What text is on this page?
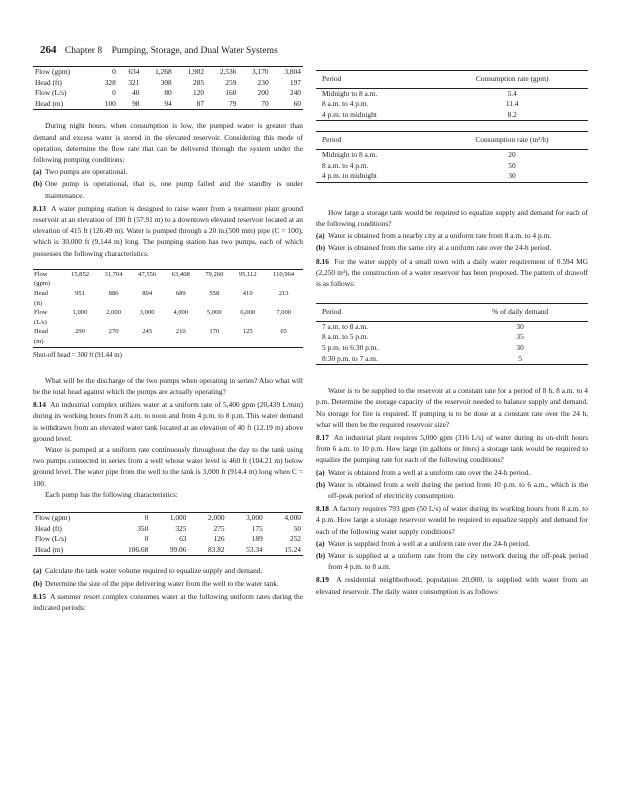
264 Chapter 8 Pumping, Storage, and Dual Water Systems
Flow (gpm)	0	634	1,268	1,902	2,536	3,170	3,804
Head (ft)	328	321	308	285	259	230	197
Flow (L/s)	0	40	80	120	160	200	240
Head (m)	100	98	94	87	79	70	60

During night hours, when consumption is low, the pumped water is greater than demand and excess water is stored in the elevated reservoir. Considering this mode of operation, determine the flow rate that can be delivered through the system under the following pumping conditions:

(a) Two pumps are operational.
(b) One pump is operational, that is, one pump failed and the standby is under maintenance.

8.13 A water pumping station is designed to raise water from a treatment plant ground reservoir at an elevation of 190 ft (57.91 m) to a downtown elevated reservoir located at an elevation of 415 ft (126.49 m). Water is pumped through a 20 in.(500 mm) pipe (C = 100), which is 30,000 ft (9,144 m) long. The pumping station has two pumps, each of which possesses the following characteristics:

Flow	15,852	31,704	47,556	63,408	79,260	95,112	110,964
(gpm)							
Head	951	886	804	689	558	410	213
(ft)							
Flow	1,000	2,000	3,000	4,000	5,000	6,000	7,000
(L/s)							
Head	290	270	245	210	170	125	65
(m)							
Shut-off head = 300 ft (91.44 m)

What will be the discharge of the two pumps when operating in series? Also what will be the total head against which the pumps are actually operating?

8.14 An industrial complex utilizes water at a uniform rate of 5,400 gpm (20,439 L/min) during its working hours from 8 a.m. to noon and from 4 p.m. to 8 p.m. This water demand is withdrawn from an elevated water tank located at an elevation of 40 ft (12.19 m) above ground level.

Water is pumped at a uniform rate continuously throughout the day to the tank using two pumps connected in series from a well whose water level is 460 ft (104.21 m) below ground level. The water pipe from the well to the tank is 3,000 ft (914.4 m) long when C = 100.

Each pump has the following characteristics:

Flow (gpm)	0	1,000	2,000	3,000	4,000
Head (ft)	350	325	275	175	50
Flow (L/s)	0	63	126	189	252
Head (m)	106.68	99.06	83.82	53.34	15.24
(a) Calculate the tank water volume required to equalize supply and demand.
(b) Determine the size of the pipe delivering water from the well to the water tank.

8.15 A summer resort complex consumes water at the following uniform rates during the indicated periods:

Period	Consumption rate (gpm)
Midnight to 8 a.m.	5.4
8 a.m. to 4 p.m.	11.4
4 p.m. to midnight	8.2
Period	Consumption rate (m³/h)
Midnight to 8 a.m.	20
8 a.m. to 4 p.m.	50
4 p.m. to midnight	30

How large a storage tank would be required to equalize supply and demand for each of the following conditions?

(a) Water is obtained from a nearby city at a uniform rate from 8 a.m. to 4 p.m.
(b) Water is obtained from the same city at a uniform rate over the 24-h period.

8.16 For the water supply of a small town with a daily water requirement of 0.594 MG (2,250 m³), the construction of a water reservoir has been proposed. The pattern of drawoff is as follows:

Period	% of daily demand
7 a.m. to 8 a.m.	30
8 a.m. to 5 p.m.	35
5 p.m. to 6:30 p.m.	30
8:30 p.m. to 7 a.m.	5

Water is to be supplied to the reservoir at a constant rate for a period of 8 h, 8 a.m. to 4 p.m. Determine the storage capacity of the reservoir needed to balance supply and demand. No storage for fire is required. If pumping is to be done at a constant rate over the 24 h, what will then be the required reservoir size?

8.17 An industrial plant requires 5,000 gpm (316 L/s) of water during its on-shift hours from 6 a.m. to 10 p.m. How large (in gallons or liters) a storage tank would be required to equalize the pumping rate for each of the following conditions?

(a) Water is obtained from a well at a uniform rate over the 24-h period.
(b) Water is obtained from a well during the period from 10 p.m. to 6 a.m., which is the off-peak period of electricity consumption.

8.18 A factory requires 793 gpm (50 L/s) of water during its working hours from 8 a.m. to 4 p.m. How large a storage reservoir would be required to equalize supply and demand for each of the following water supply conditions?

(a) Water is supplied from a well at a uniform rate over the 24-h period.
(b) Water is supplied at a uniform rate from the city network during the off-peak period from 4 p.m. to 8 a.m.

8.19 A residential neighborhood, population 20,000, is supplied with water from an elevated reservoir. The daily water consumption is as follows:
